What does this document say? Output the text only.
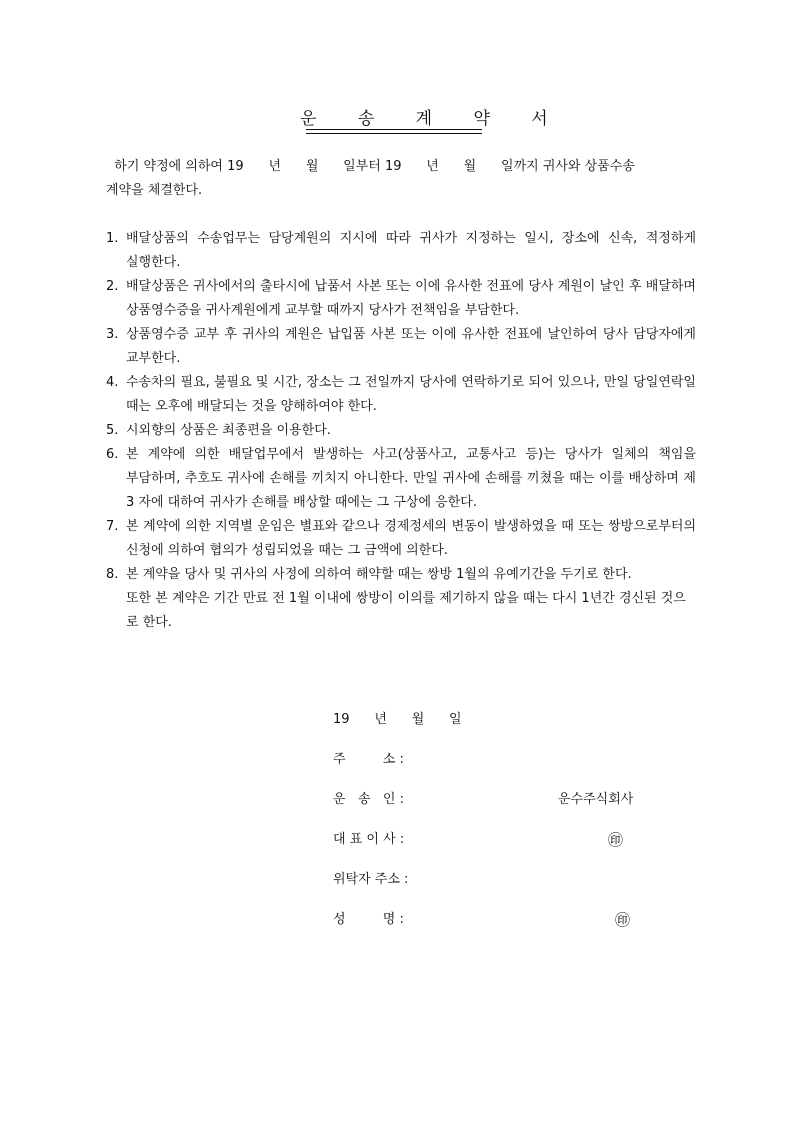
운 송 계 약 서
하기 약정에 의하여 19      년      월      일부터 19      년      월      일까지 귀사와 상품수송
계약을 체결한다.
1. 배달상품의 수송업무는 담당계원의 지시에 따라 귀사가 지정하는 일시, 장소에 신속, 적정하게 실행한다.
2. 배달상품은 귀사에서의 출타시에 납품서 사본 또는 이에 유사한 전표에 당사 계원이 날인 후 배달하며 상품영수증을 귀사계원에게 교부할 때까지 당사가 전책임을 부담한다.
3. 상품영수증 교부 후 귀사의 계원은 납입품 사본 또는 이에 유사한 전표에 날인하여 당사 담당자에게 교부한다.
4. 수송차의 필요, 불필요 및 시간, 장소는 그 전일까지 당사에 연락하기로 되어 있으나, 만일 당일연락일 때는 오후에 배달되는 것을 양해하여야 한다.
5. 시외향의 상품은 최종편을 이용한다.
6. 본 계약에 의한 배달업무에서 발생하는 사고(상품사고, 교통사고 등)는 당사가 일체의 책임을 부담하며, 추호도 귀사에 손해를 끼치지 아니한다. 만일 귀사에 손해를 끼쳤을 때는 이를 배상하며 제 3 자에 대하여 귀사가 손해를 배상할 때에는 그 구상에 응한다.
7. 본 계약에 의한 지역별 운임은 별표와 같으나 경제정세의 변동이 발생하였을 때 또는 쌍방으로부터의 신청에 의하여 협의가 성립되었을 때는 그 금액에 의한다.
8. 본 계약을 당사 및 귀사의 사정에 의하여 해약할 때는 쌍방 1월의 유예기간을 두기로 한다.
또한 본 계약은 기간 만료 전 1월 이내에 쌍방이 이의를 제기하지 않을 때는 다시 1년간 경신된 것으로 한다.
19      년      월      일
주         소 :
운   송   인 :	운수주식회사
대 표 이 사 :	㊞
위탁자 주소 :
성         명 :	㊞
